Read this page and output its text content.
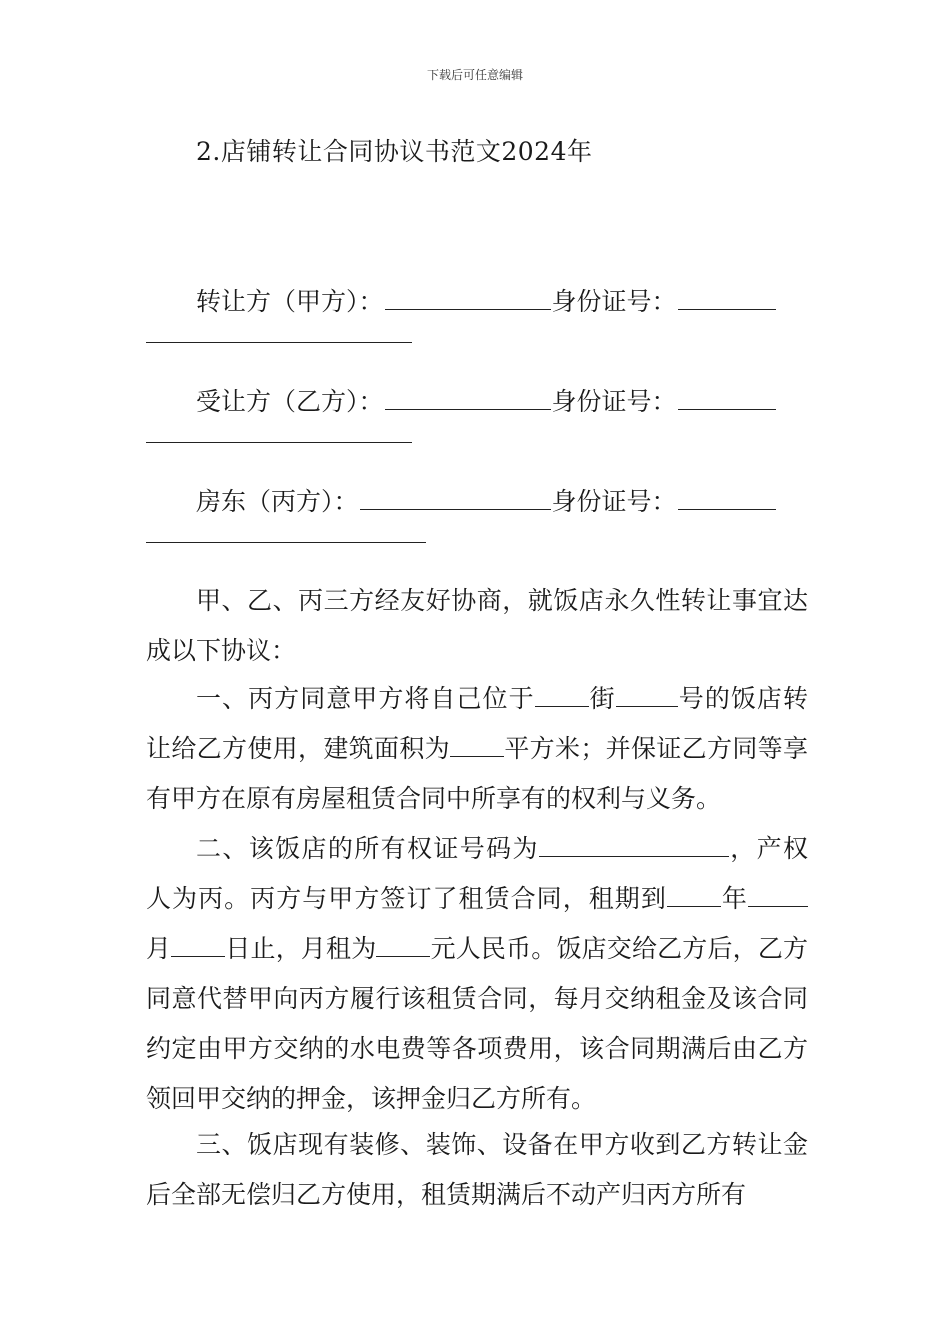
下载后可任意编辑
2.店铺转让合同协议书范文2024年
转让方（甲方）：	身份证号：
受让方（乙方）：	身份证号：
房东（丙方）：	身份证号：
甲、乙、丙三方经友好协商，就饭店永久性转让事宜达成以下协议：
一、丙方同意甲方将自己位于 街 号的饭店转让给乙方使用，建筑面积为 平方米；并保证乙方同等享有甲方在原有房屋租赁合同中所享有的权利与义务。
二、该饭店的所有权证号码为	，产权人为丙。丙方与甲方签订了租赁合同，租期到 年月 日止，月租为 元人民币。饭店交给乙方后，乙方同意代替甲向丙方履行该租赁合同，每月交纳租金及该合同约定由甲方交纳的水电费等各项费用，该合同期满后由乙方领回甲交纳的押金，该押金归乙方所有。
三、饭店现有装修、装饰、设备在甲方收到乙方转让金后全部无偿归乙方使用，租赁期满后不动产归丙方所有
